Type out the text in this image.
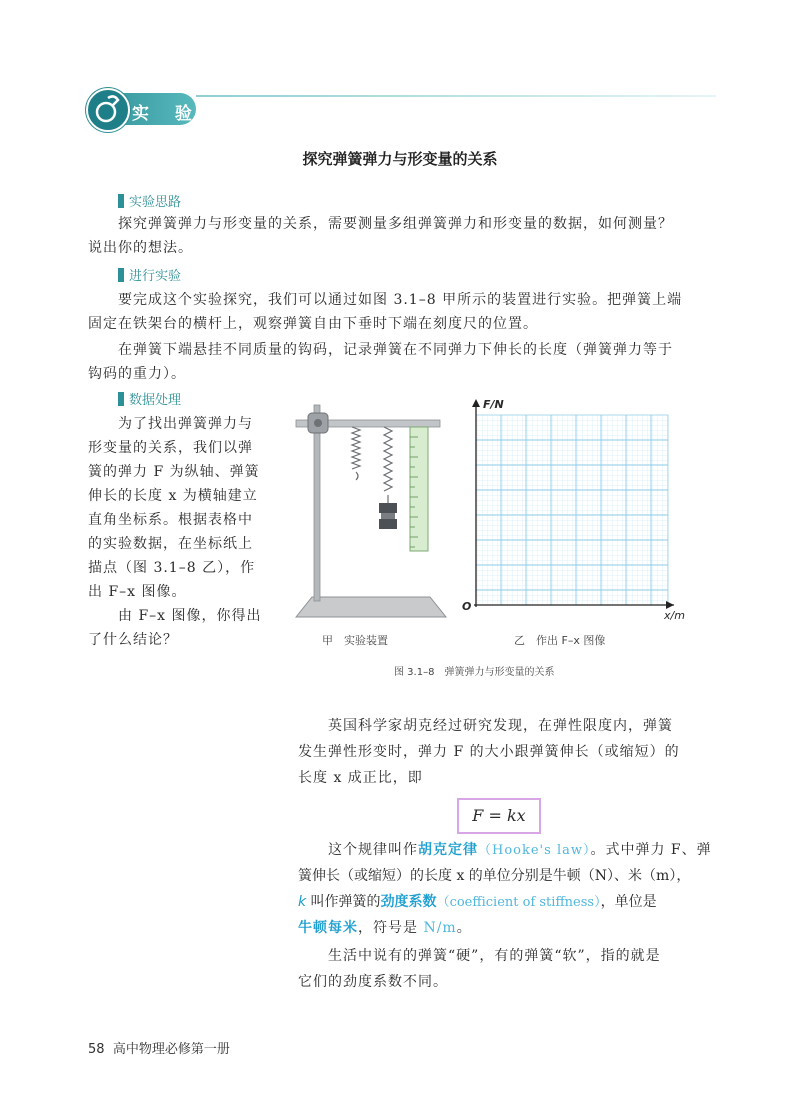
实 验
探究弹簧弹力与形变量的关系
实验思路
探究弹簧弹力与形变量的关系，需要测量多组弹簧弹力和形变量的数据，如何测量？
说出你的想法。
进行实验
要完成这个实验探究，我们可以通过如图 3.1–8 甲所示的装置进行实验。把弹簧上端
固定在铁架台的横杆上，观察弹簧自由下垂时下端在刻度尺的位置。
在弹簧下端悬挂不同质量的钩码，记录弹簧在不同弹力下伸长的长度（弹簧弹力等于
钩码的重力）。
数据处理
为了找出弹簧弹力与
形变量的关系，我们以弹
簧的弹力 F 为纵轴、弹簧
伸长的长度 x 为横轴建立
直角坐标系。根据表格中
的实验数据，在坐标纸上
描点（图 3.1–8 乙），作
出 F–x 图像。
由 F–x 图像，你得出
了什么结论？
F/N
x/m
O
甲　实验装置	乙　作出 F–x 图像
图 3.1–8　弹簧弹力与形变量的关系
英国科学家胡克经过研究发现，在弹性限度内，弹簧
发生弹性形变时，弹力 F 的大小跟弹簧伸长（或缩短）的
长度 x 成正比，即
F = kx
这个规律叫作胡克定律（Hooke's law）。式中弹力 F、弹
簧伸长（或缩短）的长度 x 的单位分别是牛顿（N）、米（m），
k 叫作弹簧的劲度系数（coefficient of stiffness），单位是
牛顿每米，符号是 N/m。
生活中说有的弹簧“硬”，有的弹簧“软”，指的就是
它们的劲度系数不同。
58 高中物理必修第一册
